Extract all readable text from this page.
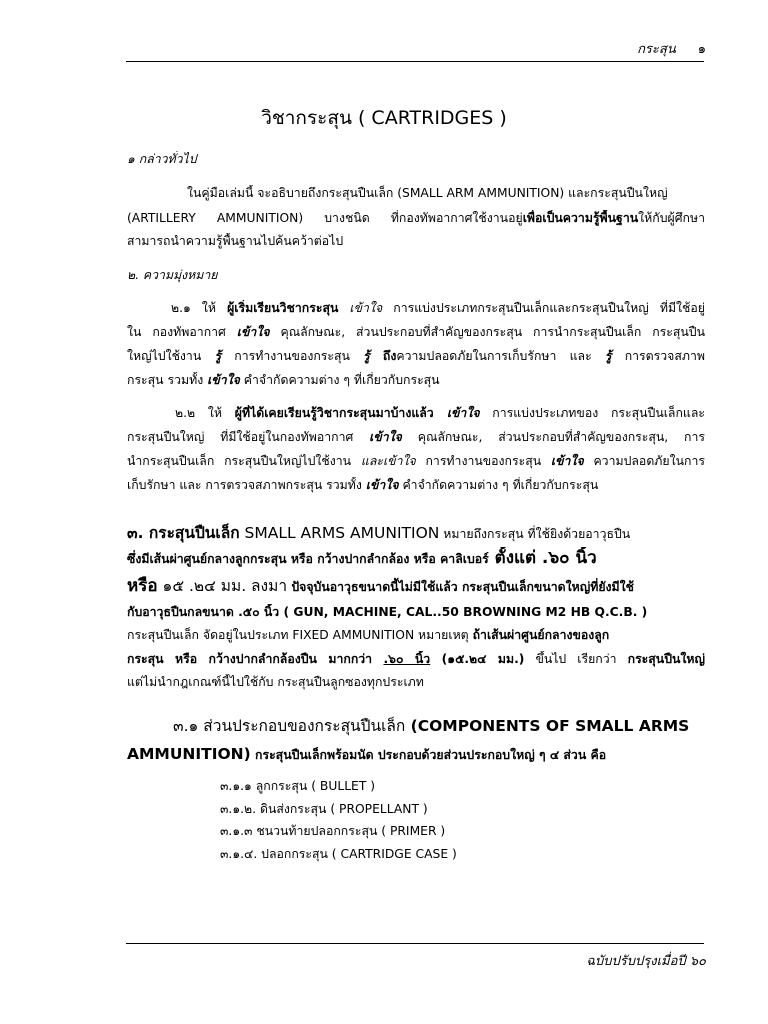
กระสุน ๑
วิชากระสุน ( CARTRIDGES )
๑ กล่าวทั่วไป
ในคู่มือเล่มนี้ จะอธิบายถึงกระสุนปืนเล็ก (SMALL ARM AMMUNITION) และกระสุนปืนใหญ่
(ARTILLERY AMMUNITION) บางชนิด ที่กองทัพอากาศใช้งานอยู่เพื่อเป็นความรู้พื้นฐานให้กับผู้ศึกษา
สามารถนำความรู้พื้นฐานไปค้นคว้าต่อไป
๒. ความมุ่งหมาย
๒.๑ ให้ ผู้เริ่มเรียนวิชากระสุน เข้าใจ การแบ่งประเภทกระสุนปืนเล็กและกระสุนปืนใหญ่ ที่มีใช้อยู่
ใน กองทัพอากาศ เข้าใจ คุณลักษณะ, ส่วนประกอบที่สำคัญของกระสุน การนำกระสุนปืนเล็ก กระสุนปืน
ใหญ่ไปใช้งาน รู้ การทำงานของกระสุน รู้ ถึงความปลอดภัยในการเก็บรักษา และ รู้ การตรวจสภาพ
กระสุน รวมทั้ง เข้าใจ คำจำกัดความต่าง ๆ ที่เกี่ยวกับกระสุน
๒.๒ ให้ ผู้ที่ได้เคยเรียนรู้วิชากระสุนมาบ้างแล้ว เข้าใจ การแบ่งประเภทของ กระสุนปืนเล็กและ
กระสุนปืนใหญ่ ที่มีใช้อยู่ในกองทัพอากาศ เข้าใจ คุณลักษณะ, ส่วนประกอบที่สำคัญของกระสุน, การ
นำกระสุนปืนเล็ก กระสุนปืนใหญ่ไปใช้งาน และเข้าใจ การทำงานของกระสุน เข้าใจ ความปลอดภัยในการ
เก็บรักษา และ การตรวจสภาพกระสุน รวมทั้ง เข้าใจ คำจำกัดความต่าง ๆ ที่เกี่ยวกับกระสุน
๓. กระสุนปืนเล็ก SMALL ARMS AMUNITION หมายถึงกระสุน ที่ใช้ยิงด้วยอาวุธปืน
ซึ่งมีเส้นผ่าศูนย์กลางลูกกระสุน หรือ กว้างปากลำกล้อง หรือ คาลิเบอร์ ตั้งแต่ .๖๐ นิ้ว
หรือ ๑๕ .๒๔ มม. ลงมา ปัจจุบันอาวุธขนาดนี้ไม่มีใช้แล้ว กระสุนปืนเล็กขนาดใหญ่ที่ยังมีใช้
กับอาวุธปืนกลขนาด .๕๐ นิ้ว ( GUN, MACHINE, CAL..50 BROWNING M2 HB Q.C.B. )
กระสุนปืนเล็ก จัดอยู่ในประเภท FIXED AMMUNITION หมายเหตุ ถ้าเส้นผ่าศูนย์กลางของลูก
กระสุน หรือ กว้างปากลำกล้องปืน มากกว่า .๖๐ นิ้ว (๑๕.๒๔ มม.) ขึ้นไป เรียกว่า กระสุนปืนใหญ่
แต่ไม่นำกฎเกณฑ์นี้ไปใช้กับ กระสุนปืนลูกซองทุกประเภท
๓.๑ ส่วนประกอบของกระสุนปืนเล็ก (COMPONENTS OF SMALL ARMS
AMMUNITION) กระสุนปืนเล็กพร้อมนัด ประกอบด้วยส่วนประกอบใหญ่ ๆ ๔ ส่วน คือ
๓.๑.๑ ลูกกระสุน ( BULLET )
๓.๑.๒. ดินส่งกระสุน ( PROPELLANT )
๓.๑.๓ ชนวนท้ายปลอกกระสุน ( PRIMER )
๓.๑.๔. ปลอกกระสุน ( CARTRIDGE CASE )
ฉบับปรับปรุงเมื่อปี ๖๐
